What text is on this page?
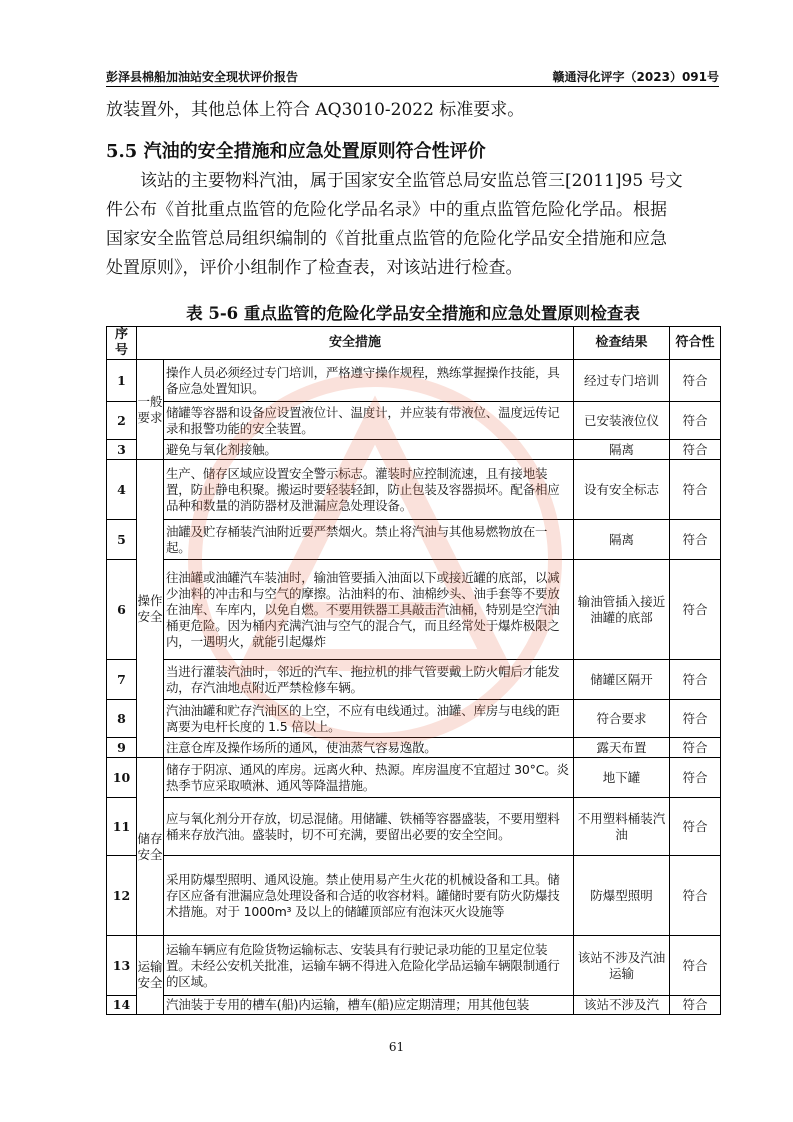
彭泽县棉船加油站安全现状评价报告	赣通浔化评字（2023）091号
放装置外，其他总体上符合 AQ3010-2022 标准要求。
5.5 汽油的安全措施和应急处置原则符合性评价
该站的主要物料汽油，属于国家安全监管总局安监总管三[2011]95 号文
件公布《首批重点监管的危险化学品名录》中的重点监管危险化学品。根据
国家安全监管总局组织编制的《首批重点监管的危险化学品安全措施和应急
处置原则》，评价小组制作了检查表，对该站进行检查。
表 5-6 重点监管的危险化学品安全措施和应急处置原则检查表
序号	安全措施		检查结果	符合性
1	一般要求	操作人员必须经过专门培训，严格遵守操作规程，熟练掌握操作技能，具备应急处置知识。	经过专门培训	符合
2		储罐等容器和设备应设置液位计、温度计，并应装有带液位、温度远传记录和报警功能的安全装置。	已安装液位仪	符合
3		避免与氧化剂接触。	隔离	符合
4	操作安全	生产、储存区域应设置安全警示标志。灌装时应控制流速，且有接地装置，防止静电积聚。搬运时要轻装轻卸，防止包装及容器损坏。配备相应品种和数量的消防器材及泄漏应急处理设备。	设有安全标志	符合
5		油罐及贮存桶装汽油附近要严禁烟火。禁止将汽油与其他易燃物放在一起。	隔离	符合
6		往油罐或油罐汽车装油时，输油管要插入油面以下或接近罐的底部，以减少油料的冲击和与空气的摩擦。沾油料的布、油棉纱头、油手套等不要放在油库、车库内，以免自燃。不要用铁器工具敲击汽油桶，特别是空汽油桶更危险。因为桶内充满汽油与空气的混合气，而且经常处于爆炸极限之内，一遇明火，就能引起爆炸	输油管插入接近油罐的底部	符合
7		当进行灌装汽油时，邻近的汽车、拖拉机的排气管要戴上防火帽后才能发动，存汽油地点附近严禁检修车辆。	储罐区隔开	符合
8		汽油油罐和贮存汽油区的上空，不应有电线通过。油罐、库房与电线的距离要为电杆长度的 1.5 倍以上。	符合要求	符合
9		注意仓库及操作场所的通风，使油蒸气容易逸散。	露天布置	符合
10	储存安全	储存于阴凉、通风的库房。远离火种、热源。库房温度不宜超过 30°C。炎热季节应采取喷淋、通风等降温措施。	地下罐	符合
11		应与氧化剂分开存放，切忌混储。用储罐、铁桶等容器盛装，不要用塑料桶来存放汽油。盛装时，切不可充满，要留出必要的安全空间。	不用塑料桶装汽油	符合
12		采用防爆型照明、通风设施。禁止使用易产生火花的机械设备和工具。储存区应备有泄漏应急处理设备和合适的收容材料。罐储时要有防火防爆技术措施。对于 1000m³ 及以上的储罐顶部应有泡沫灭火设施等	防爆型照明	符合
13	运输安全	运输车辆应有危险货物运输标志、安装具有行驶记录功能的卫星定位装置。未经公安机关批准，运输车辆不得进入危险化学品运输车辆限制通行的区域。	该站不涉及汽油运输	符合
14		汽油装于专用的槽车(船)内运输，槽车(船)应定期清理；用其他包装	该站不涉及汽	符合
61
